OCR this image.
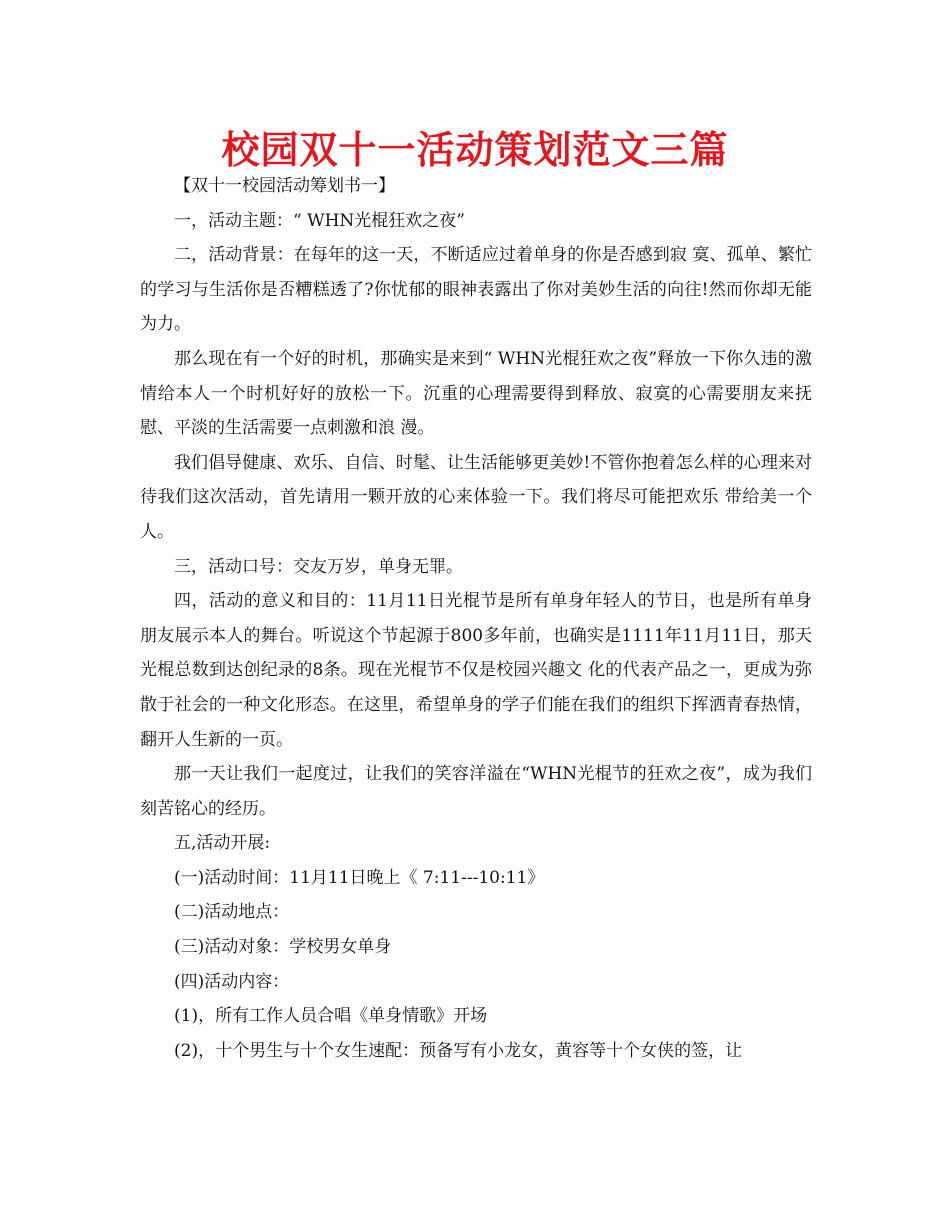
校园双十一活动策划范文三篇

【双十一校园活动筹划书一】

一，活动主题：“ WHN光棍狂欢之夜”

二，活动背景：在每年的这一天，不断适应过着单身的你是否感到寂 寞、孤单、繁忙的学习与生活你是否糟糕透了?你忧郁的眼神表露出了你对美妙生活的向往!然而你却无能为力。

那么现在有一个好的时机，那确实是来到“ WHN光棍狂欢之夜”释放一下你久违的激情给本人一个时机好好的放松一下。沉重的心理需要得到释放、寂寞的心需要朋友来抚慰、平淡的生活需要一点刺激和浪 漫。

我们倡导健康、欢乐、自信、时髦、让生活能够更美妙!不管你抱着怎么样的心理来对待我们这次活动，首先请用一颗开放的心来体验一下。我们将尽可能把欢乐 带给美一个人。

三，活动口号：交友万岁，单身无罪。

四，活动的意义和目的：11月11日光棍节是所有单身年轻人的节日，也是所有单身朋友展示本人的舞台。听说这个节起源于800多年前，也确实是1111年11月11日，那天光棍总数到达创纪录的8条。现在光棍节不仅是校园兴趣文 化的代表产品之一，更成为弥散于社会的一种文化形态。在这里，希望单身的学子们能在我们的组织下挥洒青春热情，翻开人生新的一页。

那一天让我们一起度过，让我们的笑容洋溢在“WHN光棍节的狂欢之夜”，成为我们刻苦铭心的经历。

五,活动开展:

(一)活动时间：11月11日晚上《 7:11---10:11》

(二)活动地点：

(三)活动对象：学校男女单身

(四)活动内容：

(1)，所有工作人员合唱《单身情歌》开场

(2)，十个男生与十个女生速配：预备写有小龙女，黄容等十个女侠的签，让
